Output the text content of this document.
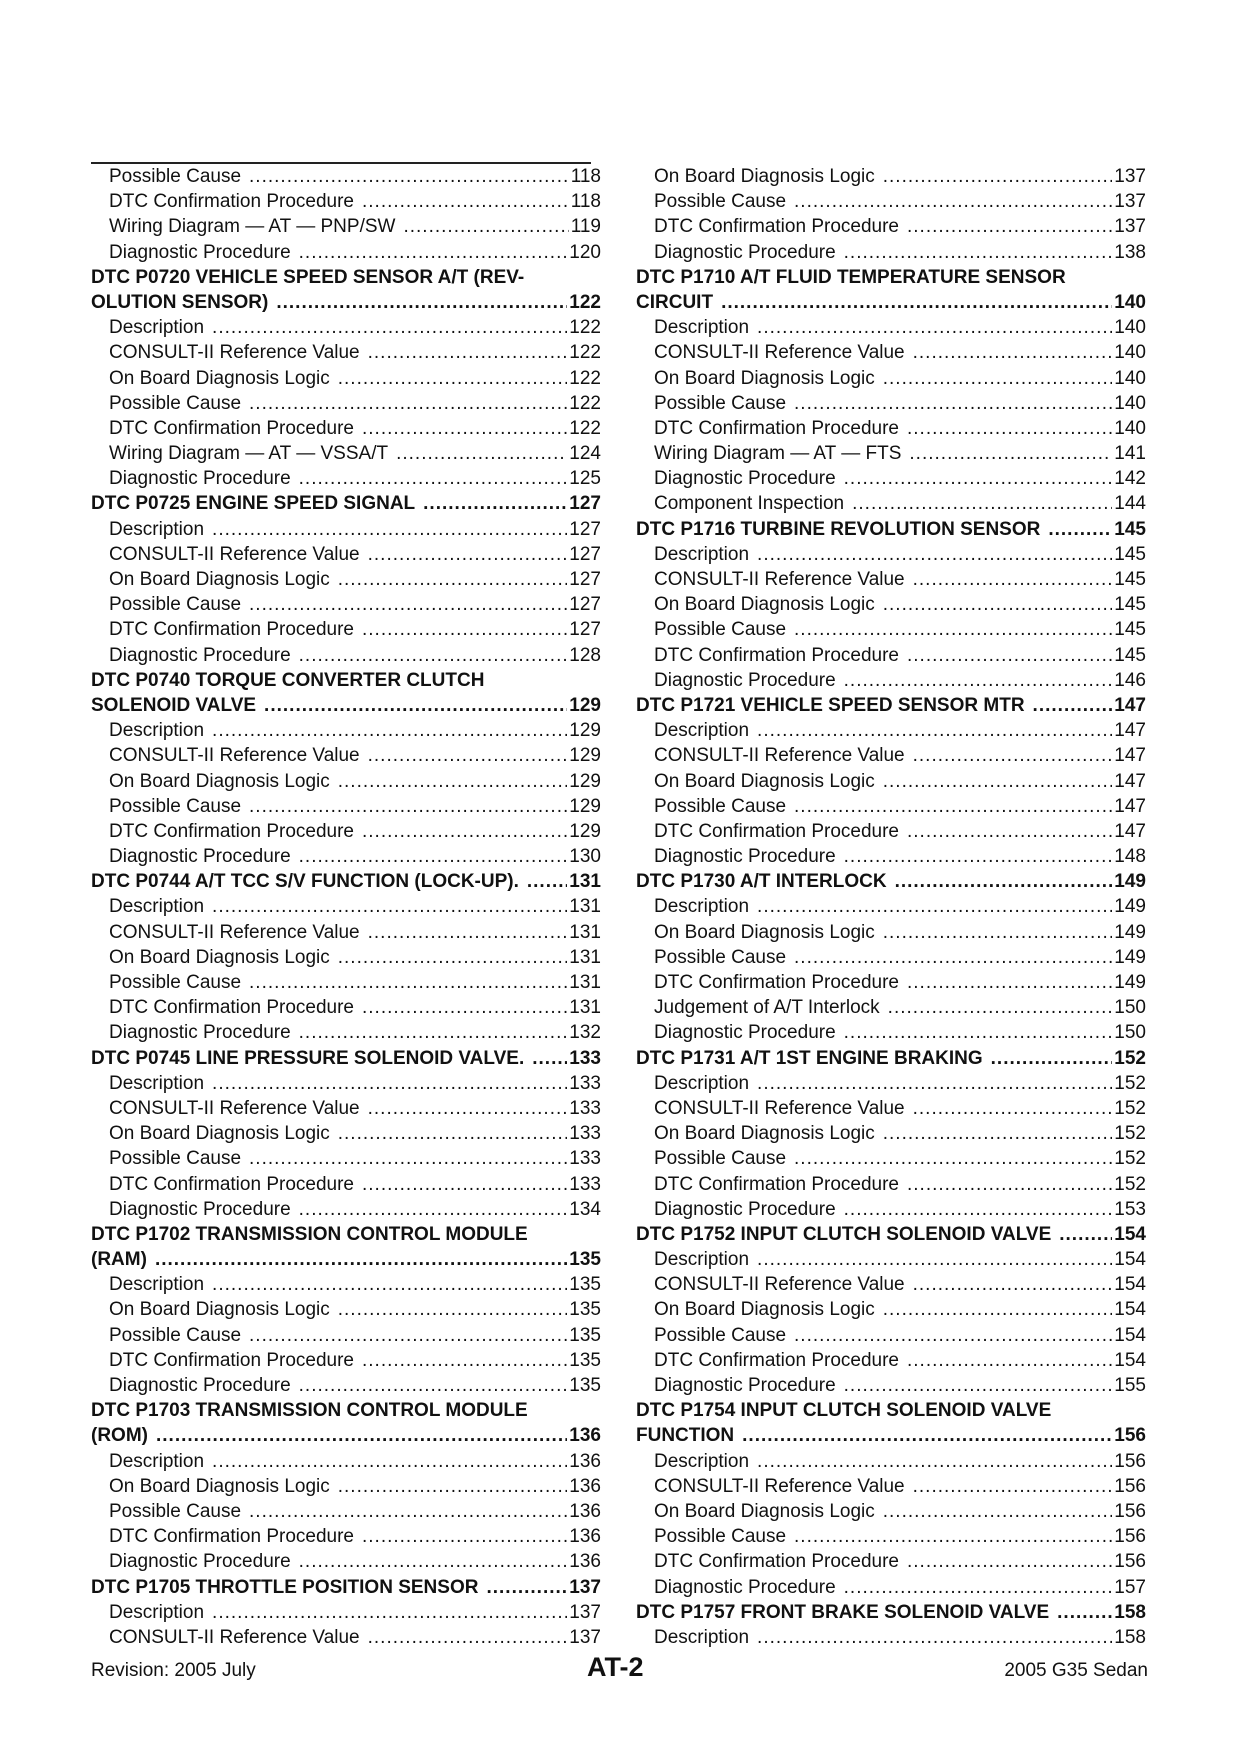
Possible Cause .....	118
DTC Confirmation Procedure .....	118
Wiring Diagram — AT — PNP/SW .....	119
Diagnostic Procedure .....	120
DTC P0720 VEHICLE SPEED SENSOR A/T (REV-
OLUTION SENSOR) .....	122
Description .....	122
CONSULT-II Reference Value .....	122
On Board Diagnosis Logic .....	122
Possible Cause .....	122
DTC Confirmation Procedure .....	122
Wiring Diagram — AT — VSSA/T .....	124
Diagnostic Procedure .....	125
DTC P0725 ENGINE SPEED SIGNAL .....	127
Description .....	127
CONSULT-II Reference Value .....	127
On Board Diagnosis Logic .....	127
Possible Cause .....	127
DTC Confirmation Procedure .....	127
Diagnostic Procedure .....	128
DTC P0740 TORQUE CONVERTER CLUTCH
SOLENOID VALVE .....	129
Description .....	129
CONSULT-II Reference Value .....	129
On Board Diagnosis Logic .....	129
Possible Cause .....	129
DTC Confirmation Procedure .....	129
Diagnostic Procedure .....	130
DTC P0744 A/T TCC S/V FUNCTION (LOCK-UP). .....	131
Description .....	131
CONSULT-II Reference Value .....	131
On Board Diagnosis Logic .....	131
Possible Cause .....	131
DTC Confirmation Procedure .....	131
Diagnostic Procedure .....	132
DTC P0745 LINE PRESSURE SOLENOID VALVE. .....	133
Description .....	133
CONSULT-II Reference Value .....	133
On Board Diagnosis Logic .....	133
Possible Cause .....	133
DTC Confirmation Procedure .....	133
Diagnostic Procedure .....	134
DTC P1702 TRANSMISSION CONTROL MODULE
(RAM) .....	135
Description .....	135
On Board Diagnosis Logic .....	135
Possible Cause .....	135
DTC Confirmation Procedure .....	135
Diagnostic Procedure .....	135
DTC P1703 TRANSMISSION CONTROL MODULE
(ROM) .....	136
Description .....	136
On Board Diagnosis Logic .....	136
Possible Cause .....	136
DTC Confirmation Procedure .....	136
Diagnostic Procedure .....	136
DTC P1705 THROTTLE POSITION SENSOR .....	137
Description .....	137
CONSULT-II Reference Value .....	137
On Board Diagnosis Logic .....	137
Possible Cause .....	137
DTC Confirmation Procedure .....	137
Diagnostic Procedure .....	138
DTC P1710 A/T FLUID TEMPERATURE SENSOR
CIRCUIT .....	140
Description .....	140
CONSULT-II Reference Value .....	140
On Board Diagnosis Logic .....	140
Possible Cause .....	140
DTC Confirmation Procedure .....	140
Wiring Diagram — AT — FTS .....	141
Diagnostic Procedure .....	142
Component Inspection .....	144
DTC P1716 TURBINE REVOLUTION SENSOR .....	145
Description .....	145
CONSULT-II Reference Value .....	145
On Board Diagnosis Logic .....	145
Possible Cause .....	145
DTC Confirmation Procedure .....	145
Diagnostic Procedure .....	146
DTC P1721 VEHICLE SPEED SENSOR MTR .....	147
Description .....	147
CONSULT-II Reference Value .....	147
On Board Diagnosis Logic .....	147
Possible Cause .....	147
DTC Confirmation Procedure .....	147
Diagnostic Procedure .....	148
DTC P1730 A/T INTERLOCK .....	149
Description .....	149
On Board Diagnosis Logic .....	149
Possible Cause .....	149
DTC Confirmation Procedure .....	149
Judgement of A/T Interlock .....	150
Diagnostic Procedure .....	150
DTC P1731 A/T 1ST ENGINE BRAKING .....	152
Description .....	152
CONSULT-II Reference Value .....	152
On Board Diagnosis Logic .....	152
Possible Cause .....	152
DTC Confirmation Procedure .....	152
Diagnostic Procedure .....	153
DTC P1752 INPUT CLUTCH SOLENOID VALVE .....	154
Description .....	154
CONSULT-II Reference Value .....	154
On Board Diagnosis Logic .....	154
Possible Cause .....	154
DTC Confirmation Procedure .....	154
Diagnostic Procedure .....	155
DTC P1754 INPUT CLUTCH SOLENOID VALVE
FUNCTION .....	156
Description .....	156
CONSULT-II Reference Value .....	156
On Board Diagnosis Logic .....	156
Possible Cause .....	156
DTC Confirmation Procedure .....	156
Diagnostic Procedure .....	157
DTC P1757 FRONT BRAKE SOLENOID VALVE .....	158
Description .....	158
Revision: 2005 July	AT-2	2005 G35 Sedan
